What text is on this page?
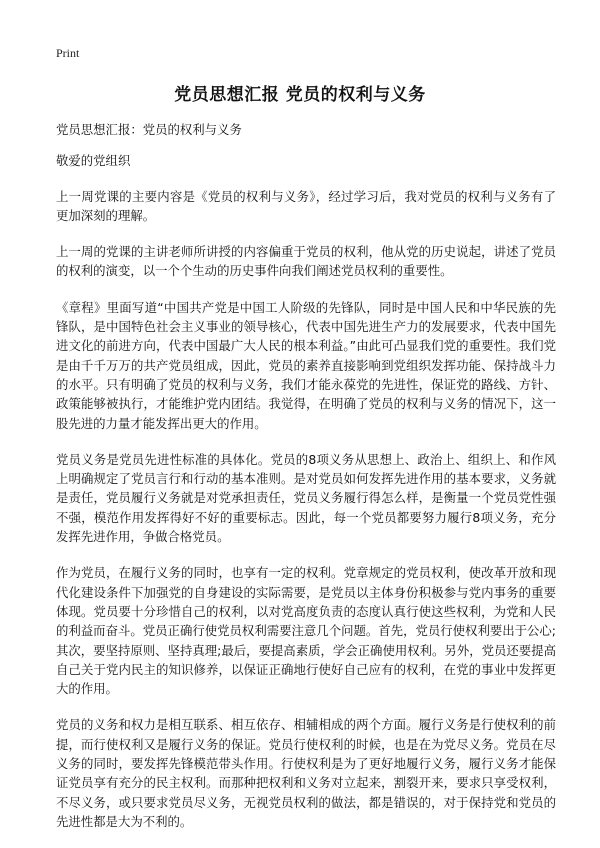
Print
党员思想汇报 党员的权利与义务

党员思想汇报：党员的权利与义务

敬爱的党组织

上一周党课的主要内容是《党员的权利与义务》，经过学习后，我对党员的权利与义务有了更加深刻的理解。

上一周的党课的主讲老师所讲授的内容偏重于党员的权利，他从党的历史说起，讲述了党员的权利的演变，以一个个生动的历史事件向我们阐述党员权利的重要性。

《章程》里面写道“中国共产党是中国工人阶级的先锋队，同时是中国人民和中华民族的先锋队，是中国特色社会主义事业的领导核心，代表中国先进生产力的发展要求，代表中国先进文化的前进方向，代表中国最广大人民的根本利益。”由此可凸显我们党的重要性。我们党是由千千万万的共产党员组成，因此，党员的素养直接影响到党组织发挥功能、保持战斗力的水平。只有明确了党员的权利与义务，我们才能永葆党的先进性，保证党的路线、方针、政策能够被执行，才能维护党内团结。我觉得，在明确了党员的权利与义务的情况下，这一股先进的力量才能发挥出更大的作用。

党员义务是党员先进性标准的具体化。党员的8项义务从思想上、政治上、组织上、和作风上明确规定了党员言行和行动的基本准则。是对党员如何发挥先进作用的基本要求，义务就是责任，党员履行义务就是对党承担责任，党员义务履行得怎么样，是衡量一个党员党性强不强，模范作用发挥得好不好的重要标志。因此，每一个党员都要努力履行8项义务，充分发挥先进作用，争做合格党员。

作为党员，在履行义务的同时，也享有一定的权利。党章规定的党员权利，使改革开放和现代化建设条件下加强党的自身建设的实际需要，是党员以主体身份积极参与党内事务的重要体现。党员要十分珍惜自己的权利，以对党高度负责的态度认真行使这些权利，为党和人民的利益而奋斗。党员正确行使党员权利需要注意几个问题。首先，党员行使权利要出于公心;其次，要坚持原则、坚持真理;最后，要提高素质，学会正确使用权利。另外，党员还要提高自己关于党内民主的知识修养，以保证正确地行使好自己应有的权利，在党的事业中发挥更大的作用。

党员的义务和权力是相互联系、相互依存、相辅相成的两个方面。履行义务是行使权利的前提，而行使权利又是履行义务的保证。党员行使权利的时候，也是在为党尽义务。党员在尽义务的同时，要发挥先锋模范带头作用。行使权利是为了更好地履行义务，履行义务才能保证党员享有充分的民主权利。而那种把权利和义务对立起来，割裂开来，要求只享受权利，不尽义务，或只要求党员尽义务，无视党员权利的做法，都是错误的，对于保持党和党员的先进性都是大为不利的。
